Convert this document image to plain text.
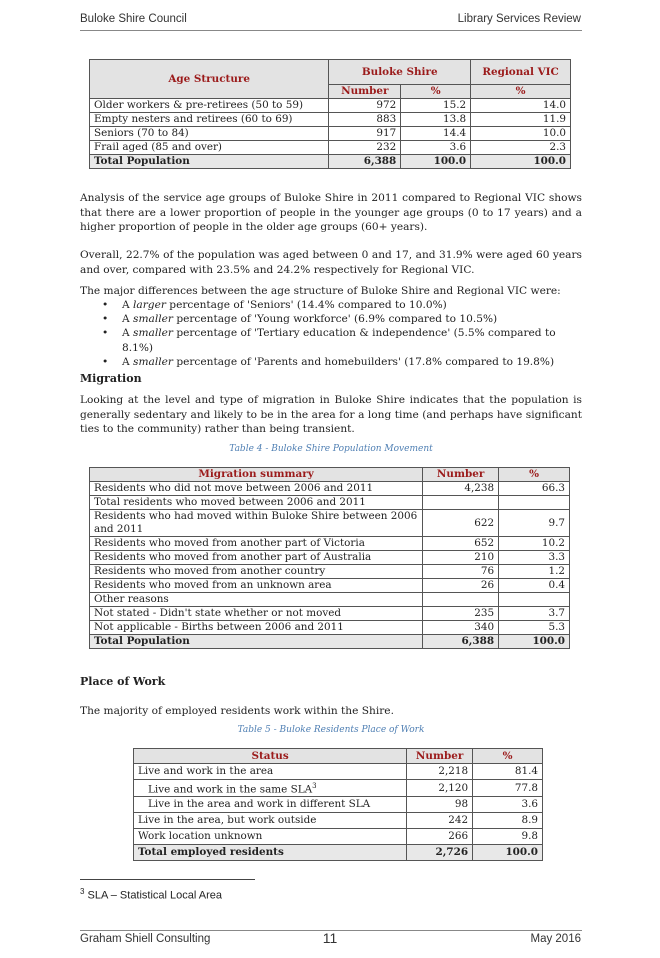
Buloke Shire Council	Library Services Review
Age Structure	Buloke Shire		Regional VIC
	Number	%	%
Older workers & pre-retirees (50 to 59)	972	15.2	14.0
Empty nesters and retirees (60 to 69)	883	13.8	11.9
Seniors (70 to 84)	917	14.4	10.0
Frail aged (85 and over)	232	3.6	2.3
Total Population	6,388	100.0	100.0

Analysis of the service age groups of Buloke Shire in 2011 compared to Regional VIC shows that there are a lower proportion of people in the younger age groups (0 to 17 years) and a higher proportion of people in the older age groups (60+ years).

Overall, 22.7% of the population was aged between 0 and 17, and 31.9% were aged 60 years and over, compared with 23.5% and 24.2% respectively for Regional VIC.

The major differences between the age structure of Buloke Shire and Regional VIC were:

• A larger percentage of 'Seniors' (14.4% compared to 10.0%)
• A smaller percentage of 'Young workforce' (6.9% compared to 10.5%)
• A smaller percentage of 'Tertiary education & independence' (5.5% compared to 8.1%)
• A smaller percentage of 'Parents and homebuilders' (17.8% compared to 19.8%)
Migration

Looking at the level and type of migration in Buloke Shire indicates that the population is generally sedentary and likely to be in the area for a long time (and perhaps have significant ties to the community) rather than being transient.

Table 4 - Buloke Shire Population Movement
Migration summary	Number	%
Residents who did not move between 2006 and 2011	4,238	66.3
Total residents who moved between 2006 and 2011		
Residents who had moved within Buloke Shire between 2006 and 2011	622	9.7
Residents who moved from another part of Victoria	652	10.2
Residents who moved from another part of Australia	210	3.3
Residents who moved from another country	76	1.2
Residents who moved from an unknown area	26	0.4
Other reasons		
Not stated - Didn't state whether or not moved	235	3.7
Not applicable - Births between 2006 and 2011	340	5.3
Total Population	6,388	100.0
Place of Work

The majority of employed residents work within the Shire.

Table 5 - Buloke Residents Place of Work
Status	Number	%
Live and work in the area	2,218	81.4
Live and work in the same SLA$^3$	2,120	77.8
Live in the area and work in different SLA	98	3.6
Live in the area, but work outside	242	8.9
Work location unknown	266	9.8
Total employed residents	2,726	100.0
$^3$ SLA – Statistical Local Area
Graham Shiell Consulting	11	May 2016
